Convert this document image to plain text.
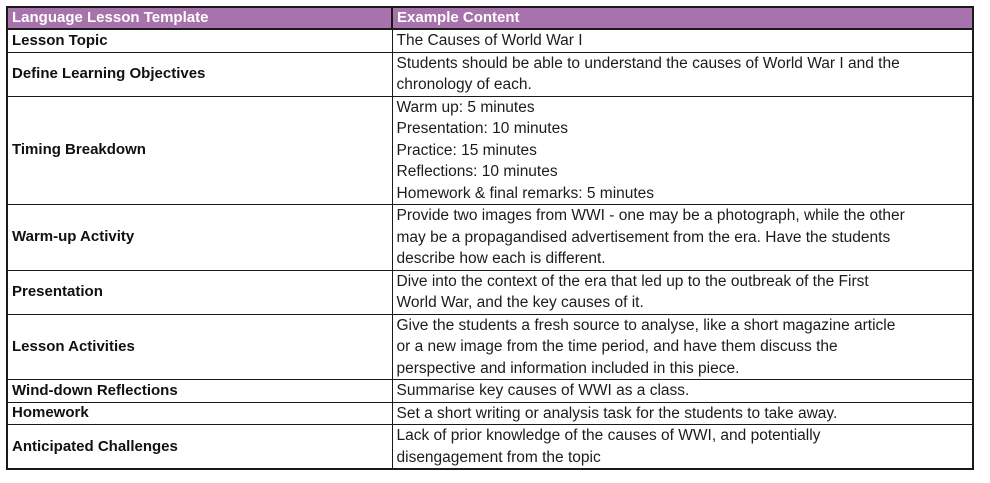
Language Lesson Template	Example Content
Lesson Topic	The Causes of World War I

Define Learning Objectives	Students should be able to understand the causes of World War I and the
chronology of each.

Timing Breakdown	Warm up: 5 minutes
Presentation: 10 minutes
Practice: 15 minutes
Reflections: 10 minutes
Homework & final remarks: 5 minutes

Warm-up Activity	Provide two images from WWI - one may be a photograph, while the other
may be a propagandised advertisement from the era. Have the students
describe how each is different.

Presentation	Dive into the context of the era that led up to the outbreak of the First
World War, and the key causes of it.

Lesson Activities	Give the students a fresh source to analyse, like a short magazine article
or a new image from the time period, and have them discuss the
perspective and information included in this piece.

Wind-down Reflections	Summarise key causes of WWI as a class.

Homework	Set a short writing or analysis task for the students to take away.

Anticipated Challenges	Lack of prior knowledge of the causes of WWI, and potentially
disengagement from the topic
